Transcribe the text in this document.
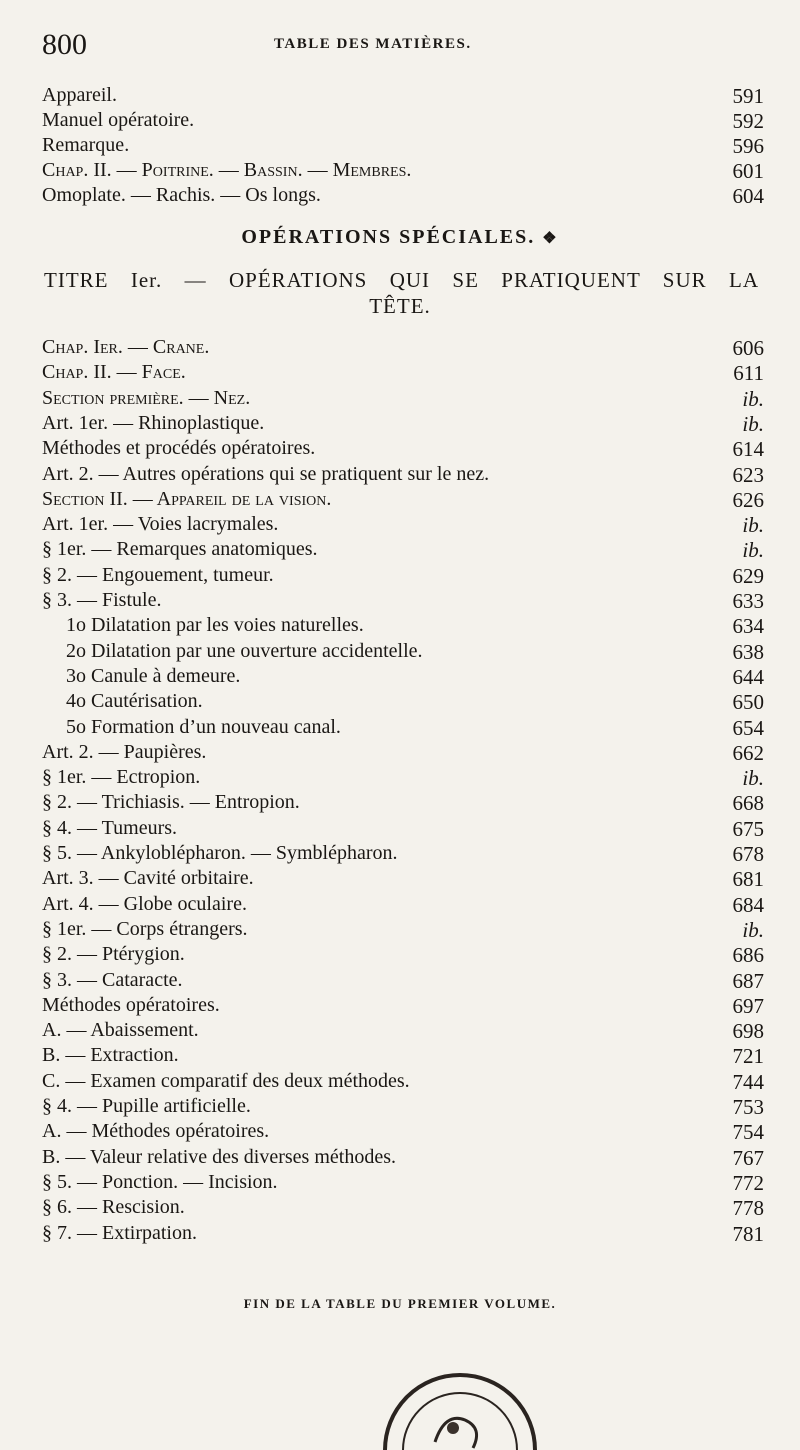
800	TABLE DES MATIÈRES.
Appareil.	591
Manuel opératoire.	592
Remarque.	596
Chap. II. — Poitrine. — Bassin. — Membres.	601
Omoplate. — Rachis. — Os longs.	604
OPÉRATIONS SPÉCIALES. ❖
TITRE Ier. — OPÉRATIONS QUI SE PRATIQUENT SUR LA
TÊTE.
Chap. Ier. — Crane.	606
Chap. II. — Face.	611
Section première. — Nez.	ib.
Art. 1er. — Rhinoplastique.	ib.
Méthodes et procédés opératoires.	614
Art. 2. — Autres opérations qui se pratiquent sur le nez.	623
Section II. — Appareil de la vision.	626
Art. 1er. — Voies lacrymales.	ib.
§ 1er. — Remarques anatomiques.	ib.
§ 2. — Engouement, tumeur.	629
§ 3. — Fistule.	633
1o Dilatation par les voies naturelles.	634
2o Dilatation par une ouverture accidentelle.	638
3o Canule à demeure.	644
4o Cautérisation.	650
5o Formation d’un nouveau canal.	654
Art. 2. — Paupières.	662
§ 1er. — Ectropion.	ib.
§ 2. — Trichiasis. — Entropion.	668
§ 4. — Tumeurs.	675
§ 5. — Ankyloblépharon. — Symblépharon.	678
Art. 3. — Cavité orbitaire.	681
Art. 4. — Globe oculaire.	684
§ 1er. — Corps étrangers.	ib.
§ 2. — Ptérygion.	686
§ 3. — Cataracte.	687
Méthodes opératoires.	697
A. — Abaissement.	698
B. — Extraction.	721
C. — Examen comparatif des deux méthodes.	744
§ 4. — Pupille artificielle.	753
A. — Méthodes opératoires.	754
B. — Valeur relative des diverses méthodes.	767
§ 5. — Ponction. — Incision.	772
§ 6. — Rescision.	778
§ 7. — Extirpation.	781
FIN DE LA TABLE DU PREMIER VOLUME.
